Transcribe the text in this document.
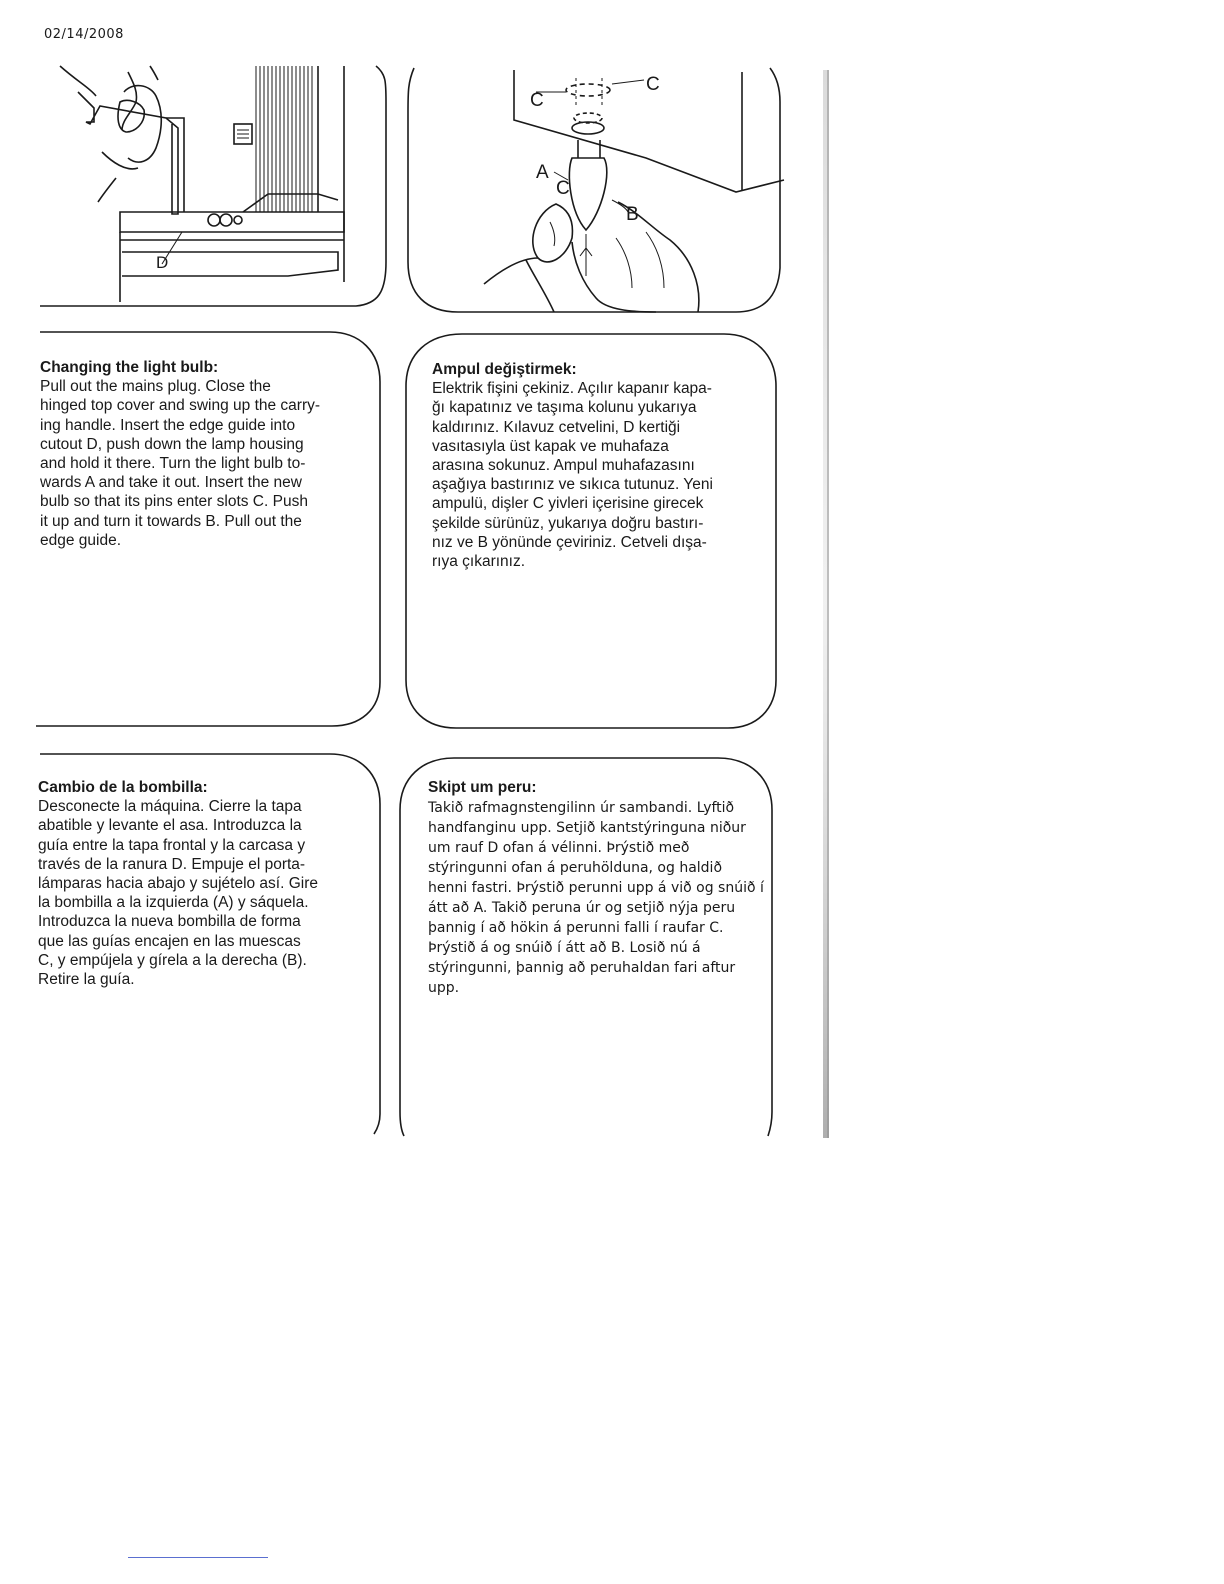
02/14/2008
D
C
C
A
C
B
Changing the light bulb:
Pull out the mains plug. Close the
hinged top cover and swing up the carry-
ing handle. Insert the edge guide into
cutout D, push down the lamp housing
and hold it there. Turn the light bulb to-
wards A and take it out. Insert the new
bulb so that its pins enter slots C. Push
it up and turn it towards B. Pull out the
edge guide.
Ampul değiştirmek:
Elektrik fişini çekiniz. Açılır kapanır kapa-
ğı kapatınız ve taşıma kolunu yukarıya
kaldırınız. Kılavuz cetvelini, D kertiği
vasıtasıyla üst kapak ve muhafaza
arasına sokunuz. Ampul muhafazasını
aşağıya bastırınız ve sıkıca tutunuz. Yeni
ampulü, dişler C yivleri içerisine girecek
şekilde sürünüz, yukarıya doğru bastırı-
nız ve B yönünde çeviriniz. Cetveli dışa-
rıya çıkarınız.
Cambio de la bombilla:
Desconecte la máquina. Cierre la tapa
abatible y levante el asa. Introduzca la
guía entre la tapa frontal y la carcasa y
través de la ranura D. Empuje el porta-
lámparas hacia abajo y sujételo así. Gire
la bombilla a la izquierda (A) y sáquela.
Introduzca la nueva bombilla de forma
que las guías encajen en las muescas
C, y empújela y gírela a la derecha (B).
Retire la guía.
Skipt um peru:
Takið rafmagnstengilinn úr sambandi. Lyftið
handfanginu upp. Setjið kantstýringuna niður
um rauf D ofan á vélinni. Þrýstið með
stýringunni ofan á peruhölduna, og haldið
henni fastri. Þrýstið perunni upp á við og snúið í
átt að A. Takið peruna úr og setjið nýja peru
þannig í að hökin á perunni falli í raufar C.
Þrýstið á og snúið í átt að B. Losið nú á
stýringunni, þannig að peruhaldan fari aftur
upp.
